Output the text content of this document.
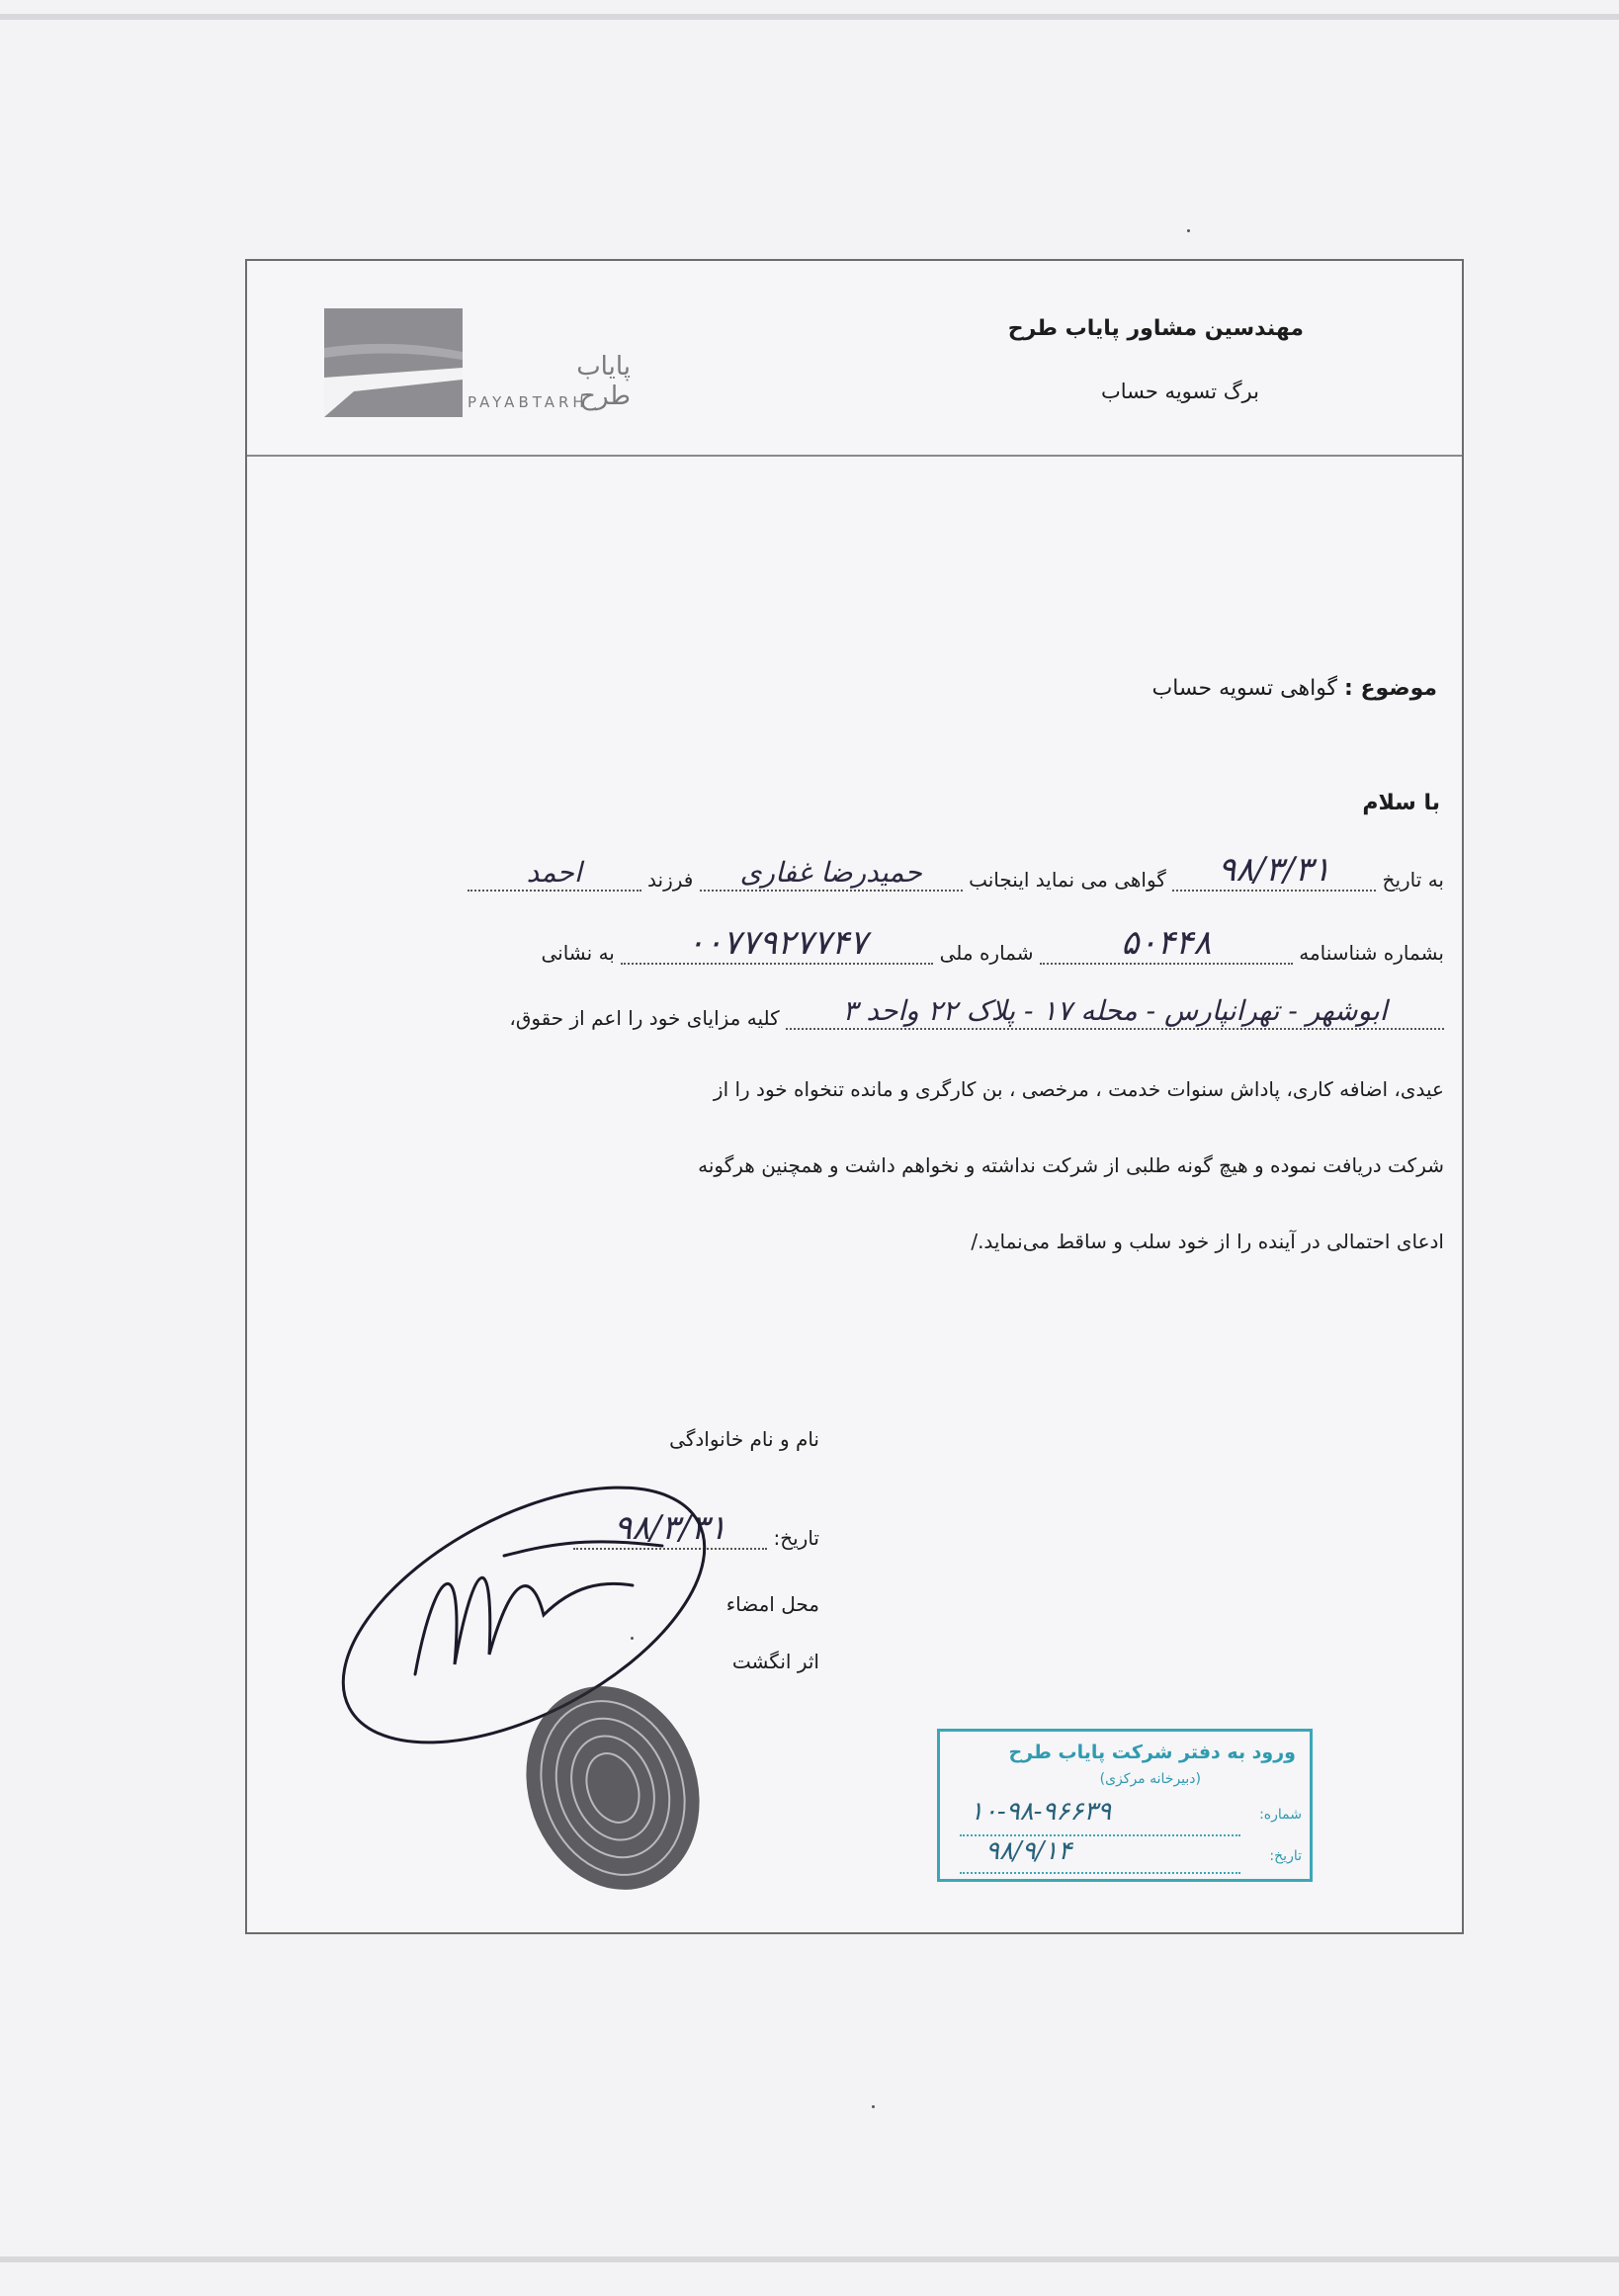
پایاب طرح
PAYABTARH
مهندسین مشاور پایاب طرح
برگ تسویه حساب
موضوع : گواهی تسویه حساب
با سلام
به تاریخ ۹۸/۳/۳۱ گواهی می نماید اینجانب حمیدرضا غفاری فرزند احمد
بشماره شناسنامه ۵۰۴۴۸ شماره ملی ۰۰۷۷۹۲۷۷۴۷ به نشانی
ابوشهر - تهرانپارس - محله ۱۷ - پلاک ۲۲ واحد ۳ کلیه مزایای خود را اعم از حقوق،
عیدی، اضافه کاری، پاداش سنوات خدمت ، مرخصی ، بن کارگری و مانده تنخواه خود را از
شرکت دریافت نموده و هیچ گونه طلبی از شرکت نداشته و نخواهم داشت و همچنین هرگونه
ادعای احتمالی در آینده را از خود سلب و ساقط می‌نماید./
نام و نام خانوادگی
تاریخ: ۹۸/۳/۳۱
محل امضاء
اثر انگشت
ورود به دفتر شرکت پایاب طرح
(دبیرخانه مرکزی)
شماره:
۱۰-۹۸-۹۶۶۳۹
تاریخ:
۹۸/۹/۱۴
